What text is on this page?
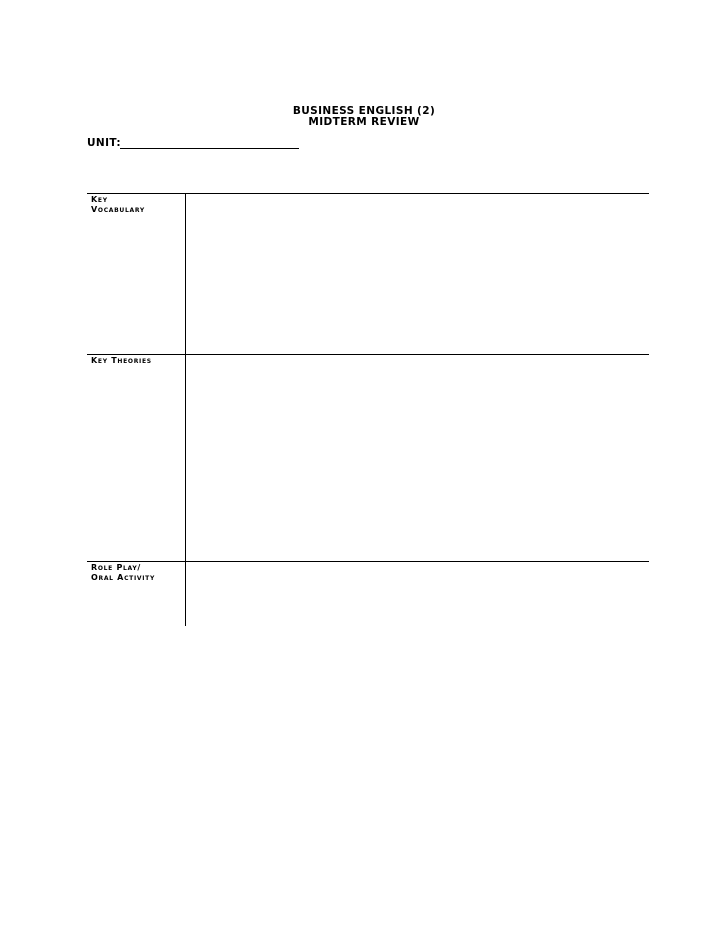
BUSINESS ENGLISH (2)
MIDTERM REVIEW
UNIT:
Key
Vocabulary
Key Theories
Role Play/
Oral Activity
